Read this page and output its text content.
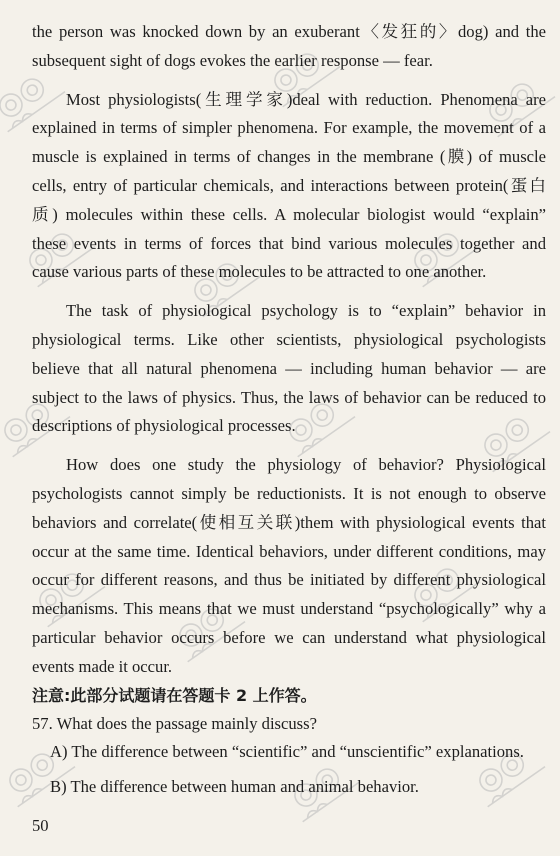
the person was knocked down by an exuberant〈发狂的〉dog) and the subsequent sight of dogs evokes the earlier response — fear.

Most physiologists(生理学家)deal with reduction. Phenomena are explained in terms of simpler phenomena. For example, the movement of a muscle is explained in terms of changes in the membrane (膜) of muscle cells, entry of particular chemicals, and interactions between protein(蛋白质) molecules within these cells. A molecular biologist would “explain” these events in terms of forces that bind various molecules together and cause various parts of these molecules to be attracted to one another.

The task of physiological psychology is to “explain” behavior in physiological terms. Like other scientists, physiological psychologists believe that all natural phenomena — including human behavior — are subject to the laws of physics. Thus, the laws of behavior can be reduced to descriptions of physiological processes.

How does one study the physiology of behavior? Physiological psychologists cannot simply be reductionists. It is not enough to observe behaviors and correlate(使相互关联)them with physiological events that occur at the same time. Identical behaviors, under different conditions, may occur for different reasons, and thus be initiated by different physiological mechanisms. This means that we must understand “psychologically” why a particular behavior occurs before we can understand what physiological events made it occur.

注意:此部分试题请在答题卡 2 上作答。

57. What does the passage mainly discuss?

A) The difference between “scientific” and “unscientific” explanations.

B) The difference between human and animal behavior.

50
